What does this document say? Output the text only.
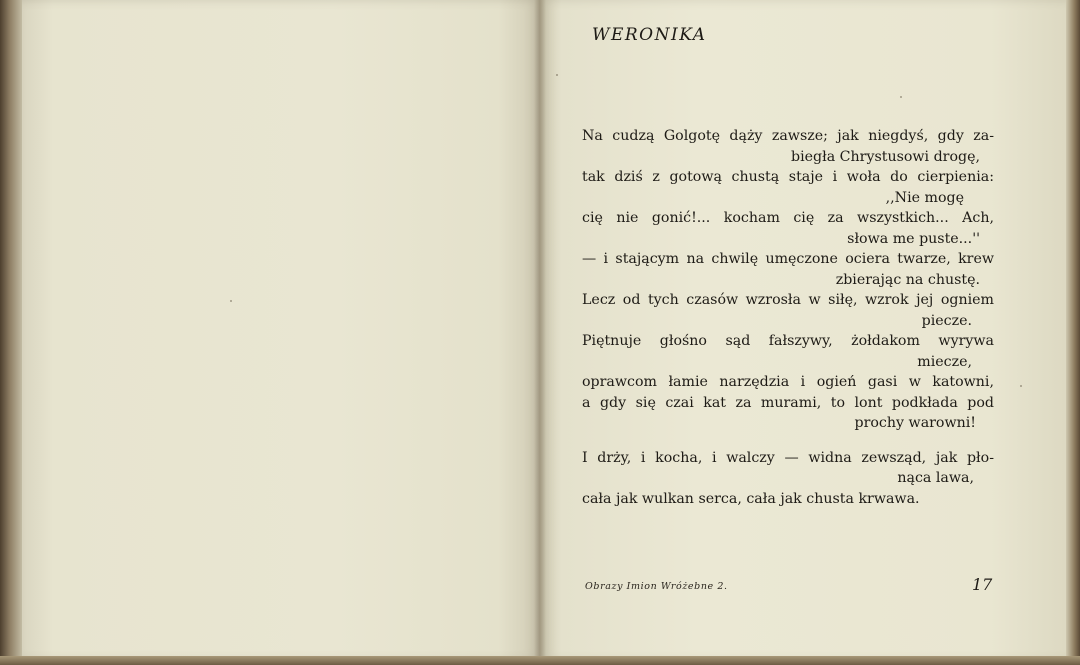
WERONIKA

Na cudzą Golgotę dąży zawsze; jak niegdyś, gdy za-
biegła Chrystusowi drogę,
tak dziś z gotową chustą staje i woła do cierpienia:
,,Nie mogę
cię nie gonić!... kocham cię za wszystkich... Ach,
słowa me puste...''
— i stającym na chwilę umęczone ociera twarze, krew
zbierając na chustę.
Lecz od tych czasów wzrosła w siłę, wzrok jej ogniem
piecze.
Piętnuje głośno sąd fałszywy, żołdakom wyrywa
miecze,
oprawcom łamie narzędzia i ogień gasi w katowni,
a gdy się czai kat za murami, to lont podkłada pod
prochy warowni!

I drży, i kocha, i walczy — widna zewsząd, jak pło-
nąca lawa,
cała jak wulkan serca, cała jak chusta krwawa.

Obrazy Imion Wróżebne 2.	17
